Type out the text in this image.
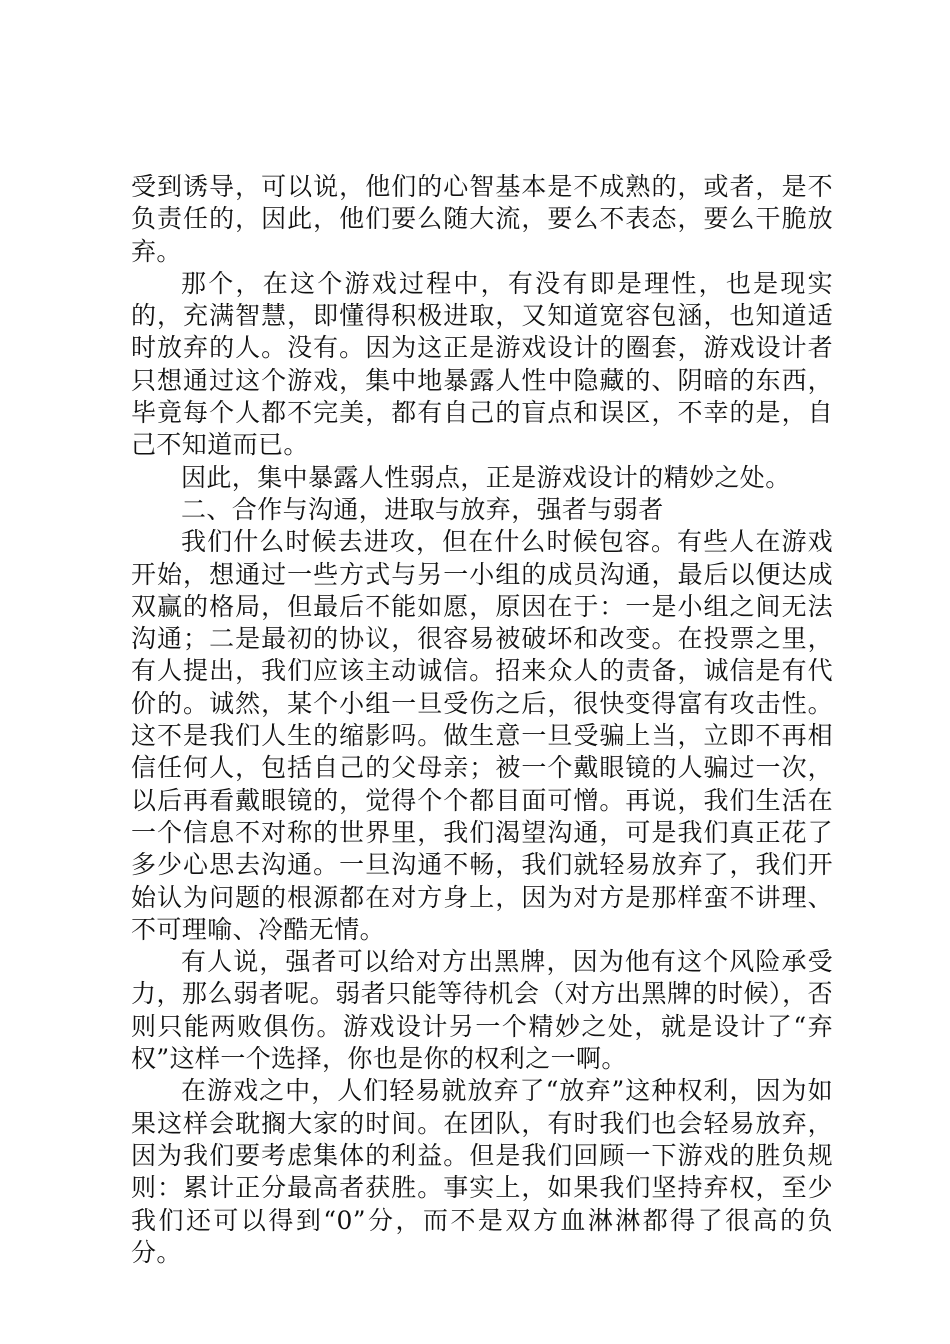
受到诱导，可以说，他们的心智基本是不成熟的，或者，是不负责任的，因此，他们要么随大流，要么不表态，要么干脆放弃。

那个，在这个游戏过程中，有没有即是理性，也是现实的，充满智慧，即懂得积极进取，又知道宽容包涵，也知道适时放弃的人。没有。因为这正是游戏设计的圈套，游戏设计者只想通过这个游戏，集中地暴露人性中隐藏的、阴暗的东西，毕竟每个人都不完美，都有自己的盲点和误区，不幸的是，自己不知道而已。

因此，集中暴露人性弱点，正是游戏设计的精妙之处。

二、合作与沟通，进取与放弃，强者与弱者

我们什么时候去进攻，但在什么时候包容。有些人在游戏开始，想通过一些方式与另一小组的成员沟通，最后以便达成双赢的格局，但最后不能如愿，原因在于：一是小组之间无法沟通；二是最初的协议，很容易被破坏和改变。在投票之里，有人提出，我们应该主动诚信。招来众人的责备，诚信是有代价的。诚然，某个小组一旦受伤之后，很快变得富有攻击性。这不是我们人生的缩影吗。做生意一旦受骗上当，立即不再相信任何人，包括自己的父母亲；被一个戴眼镜的人骗过一次，以后再看戴眼镜的，觉得个个都目面可憎。再说，我们生活在一个信息不对称的世界里，我们渴望沟通，可是我们真正花了多少心思去沟通。一旦沟通不畅，我们就轻易放弃了，我们开始认为问题的根源都在对方身上，因为对方是那样蛮不讲理、不可理喻、冷酷无情。

有人说，强者可以给对方出黑牌，因为他有这个风险承受力，那么弱者呢。弱者只能等待机会（对方出黑牌的时候），否则只能两败俱伤。游戏设计另一个精妙之处，就是设计了“弃权”这样一个选择，你也是你的权利之一啊。

在游戏之中，人们轻易就放弃了“放弃”这种权利，因为如果这样会耽搁大家的时间。在团队，有时我们也会轻易放弃，因为我们要考虑集体的利益。但是我们回顾一下游戏的胜负规则：累计正分最高者获胜。事实上，如果我们坚持弃权，至少我们还可以得到“0”分，而不是双方血淋淋都得了很高的负分。
